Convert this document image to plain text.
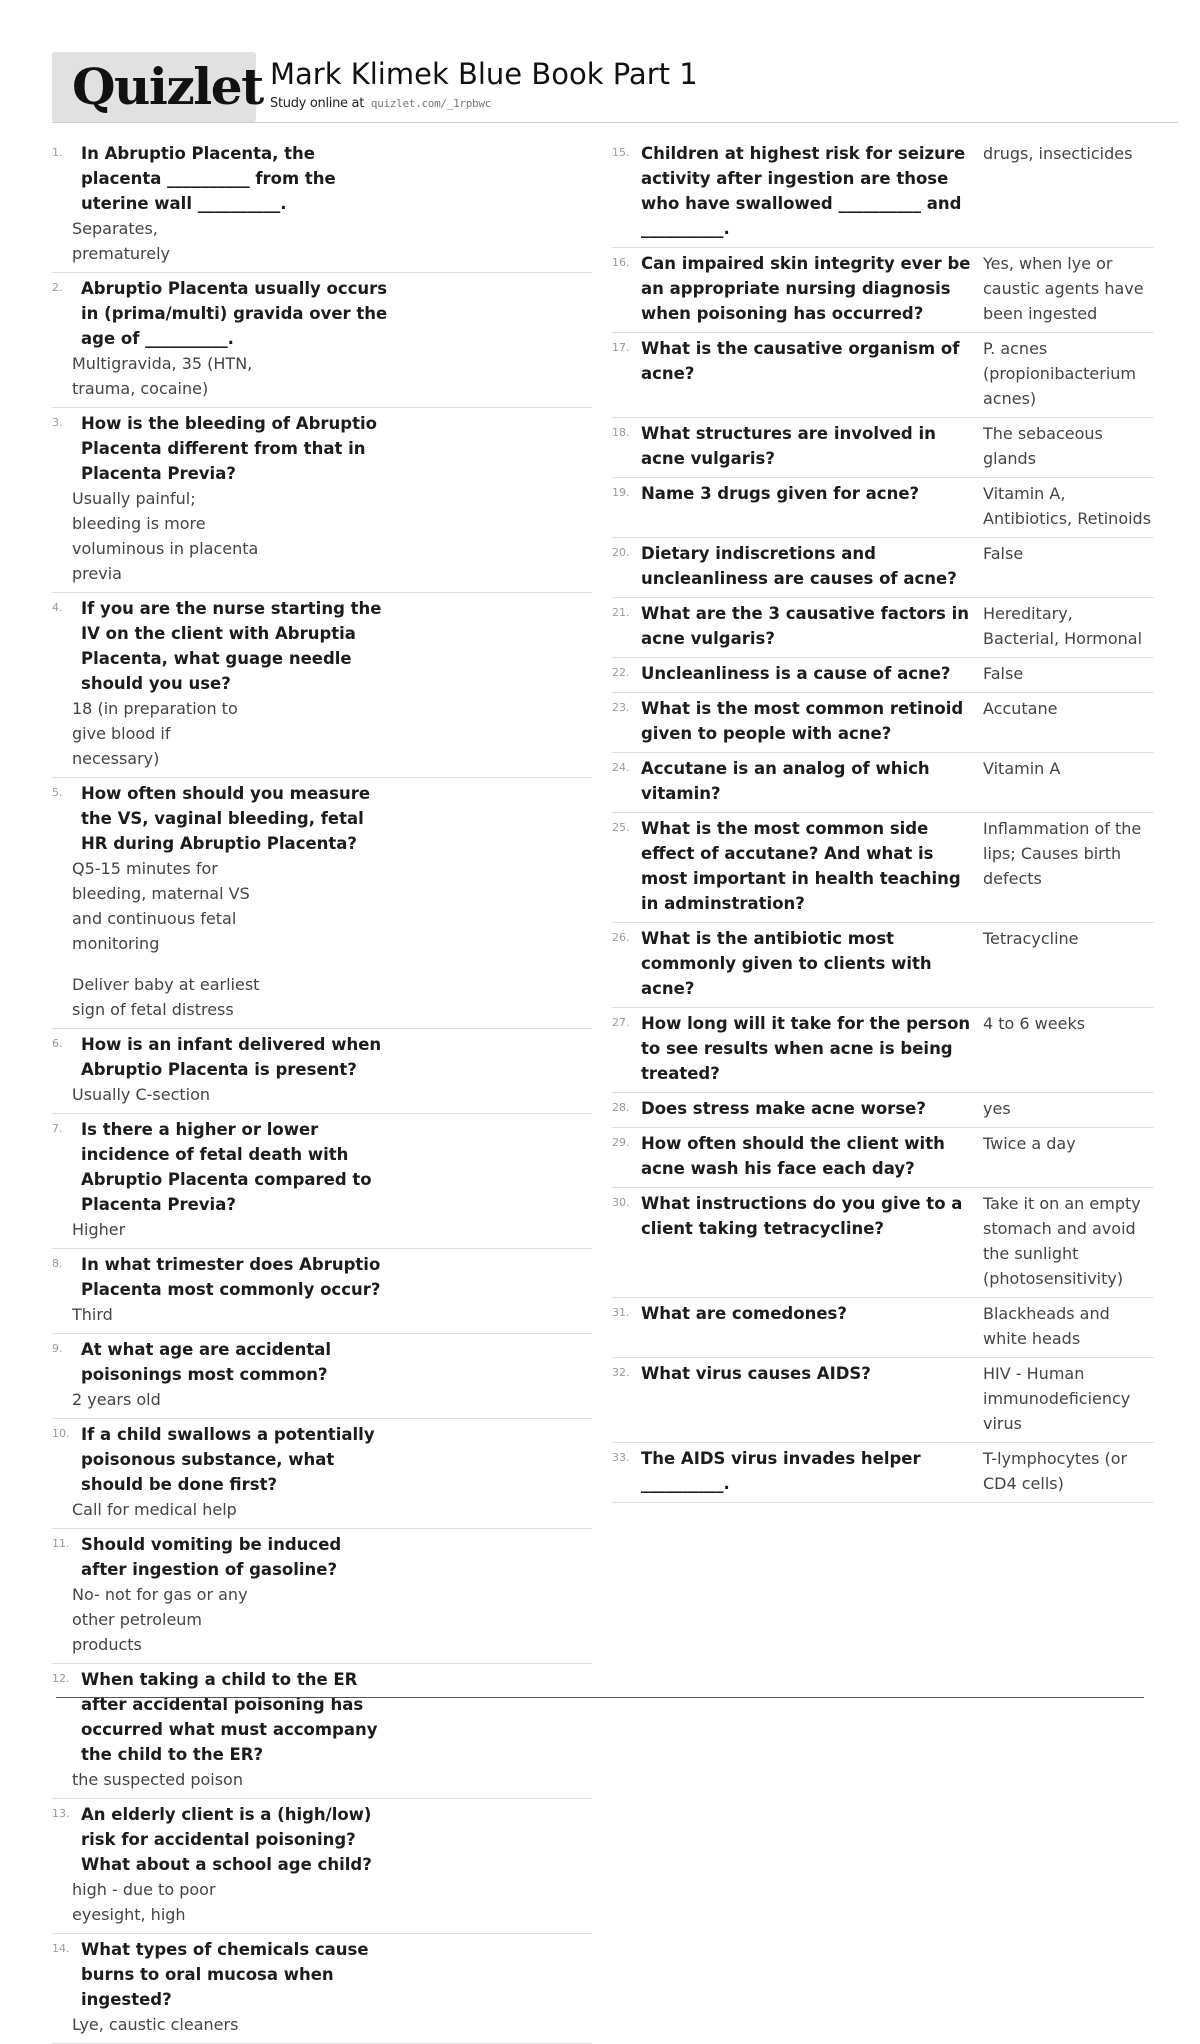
Quizlet Mark Klimek Blue Book Part 1
Study online at quizlet.com/_1rpbwc
1. In Abruptio Placenta, the placenta __________ from the uterine wall __________.
Separates, prematurely
2. Abruptio Placenta usually occurs in (prima/multi) gravida over the age of __________.
Multigravida, 35 (HTN, trauma, cocaine)
3. How is the bleeding of Abruptio Placenta different from that in Placenta Previa?
Usually painful; bleeding is more voluminous in placenta previa
4. If you are the nurse starting the IV on the client with Abruptia Placenta, what guage needle should you use?
18 (in preparation to give blood if necessary)
5. How often should you measure the VS, vaginal bleeding, fetal HR during Abruptio Placenta?
Q5-15 minutes for bleeding, maternal VS and continuous fetal monitoring
Deliver baby at earliest sign of fetal distress
6. How is an infant delivered when Abruptio Placenta is present?
Usually C-section
7. Is there a higher or lower incidence of fetal death with Abruptio Placenta compared to Placenta Previa?
Higher
8. In what trimester does Abruptio Placenta most commonly occur?
Third
9. At what age are accidental poisonings most common?
2 years old
10. If a child swallows a potentially poisonous substance, what should be done first?
Call for medical help
11. Should vomiting be induced after ingestion of gasoline?
No- not for gas or any other petroleum products
12. When taking a child to the ER after accidental poisoning has occurred what must accompany the child to the ER?
the suspected poison
13. An elderly client is a (high/low) risk for accidental poisoning? What about a school age child?
high - due to poor eyesight, high
14. What types of chemicals cause burns to oral mucosa when ingested?
Lye, caustic cleaners
15. Children at highest risk for seizure activity after ingestion are those who have swallowed __________ and __________.
drugs, insecticides
16. Can impaired skin integrity ever be an appropriate nursing diagnosis when poisoning has occurred?
Yes, when lye or caustic agents have been ingested
17. What is the causative organism of acne?
P. acnes (propionibacterium acnes)
18. What structures are involved in acne vulgaris?
The sebaceous glands
19. Name 3 drugs given for acne?	Vitamin A, Antibiotics, Retinoids
20. Dietary indiscretions and uncleanliness are causes of acne?
False
21. What are the 3 causative factors in acne vulgaris?
Hereditary, Bacterial, Hormonal
22. Uncleanliness is a cause of acne?	False
23. What is the most common retinoid given to people with acne?
Accutane
24. Accutane is an analog of which vitamin?
Vitamin A
25. What is the most common side effect of accutane? And what is most important in health teaching in adminstration?
Inflammation of the lips; Causes birth defects
26. What is the antibiotic most commonly given to clients with acne?
Tetracycline
27. How long will it take for the person to see results when acne is being treated?
4 to 6 weeks
28. Does stress make acne worse?	yes
29. How often should the client with acne wash his face each day?
Twice a day
30. What instructions do you give to a client taking tetracycline?
Take it on an empty stomach and avoid the sunlight (photosensitivity)
31. What are comedones?	Blackheads and white heads
32. What virus causes AIDS?	HIV - Human immunodeficiency virus
33. The AIDS virus invades helper __________.
T-lymphocytes (or CD4 cells)
